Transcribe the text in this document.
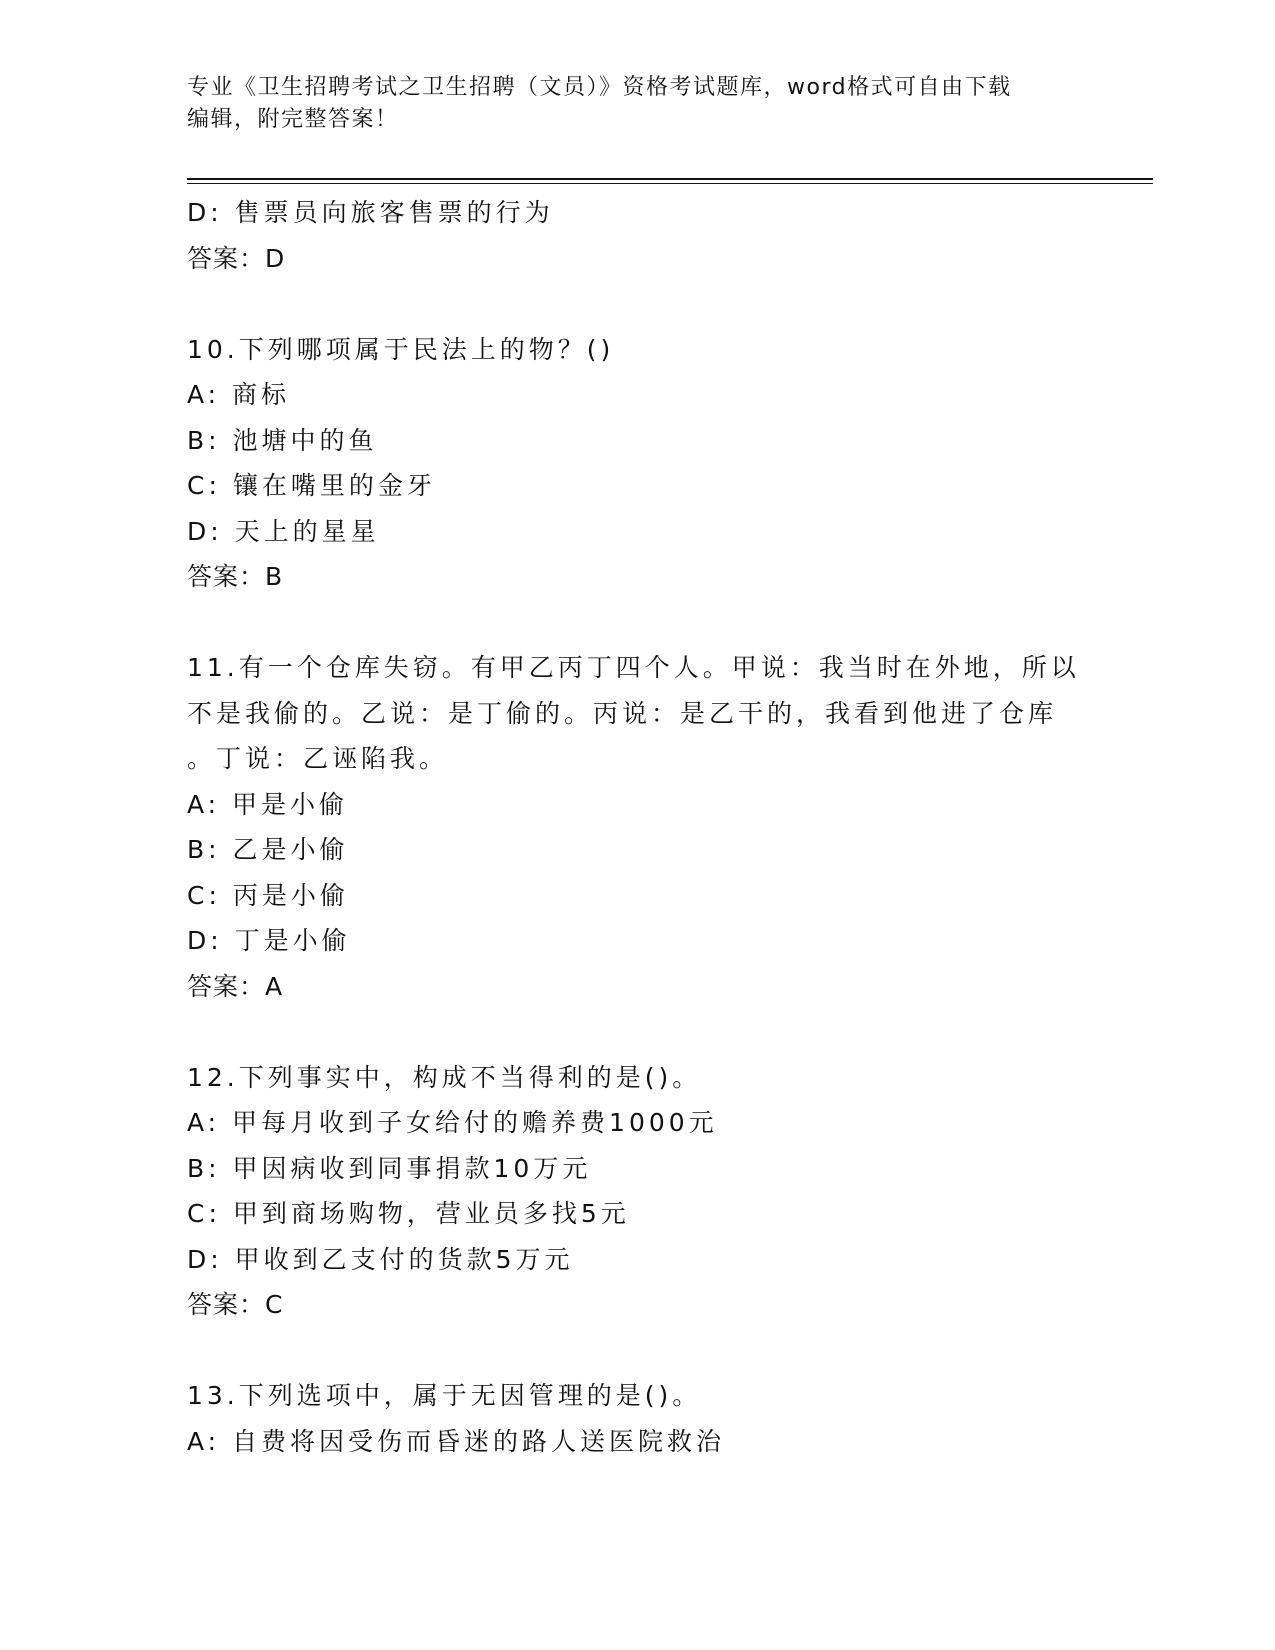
专业《卫生招聘考试之卫生招聘（文员）》资格考试题库，word格式可自由下载
编辑，附完整答案！
D: 售票员向旅客售票的行为
答案：D
10.下列哪项属于民法上的物？()
A: 商标
B: 池塘中的鱼
C: 镶在嘴里的金牙
D: 天上的星星
答案：B
11.有一个仓库失窃。有甲乙丙丁四个人。甲说：我当时在外地，所以
不是我偷的。乙说：是丁偷的。丙说：是乙干的，我看到他进了仓库
。丁说：乙诬陷我。
A: 甲是小偷
B: 乙是小偷
C: 丙是小偷
D: 丁是小偷
答案：A
12.下列事实中，构成不当得利的是()。
A: 甲每月收到子女给付的赡养费1000元
B: 甲因病收到同事捐款10万元
C: 甲到商场购物，营业员多找5元
D: 甲收到乙支付的货款5万元
答案：C
13.下列选项中，属于无因管理的是()。
A: 自费将因受伤而昏迷的路人送医院救治
